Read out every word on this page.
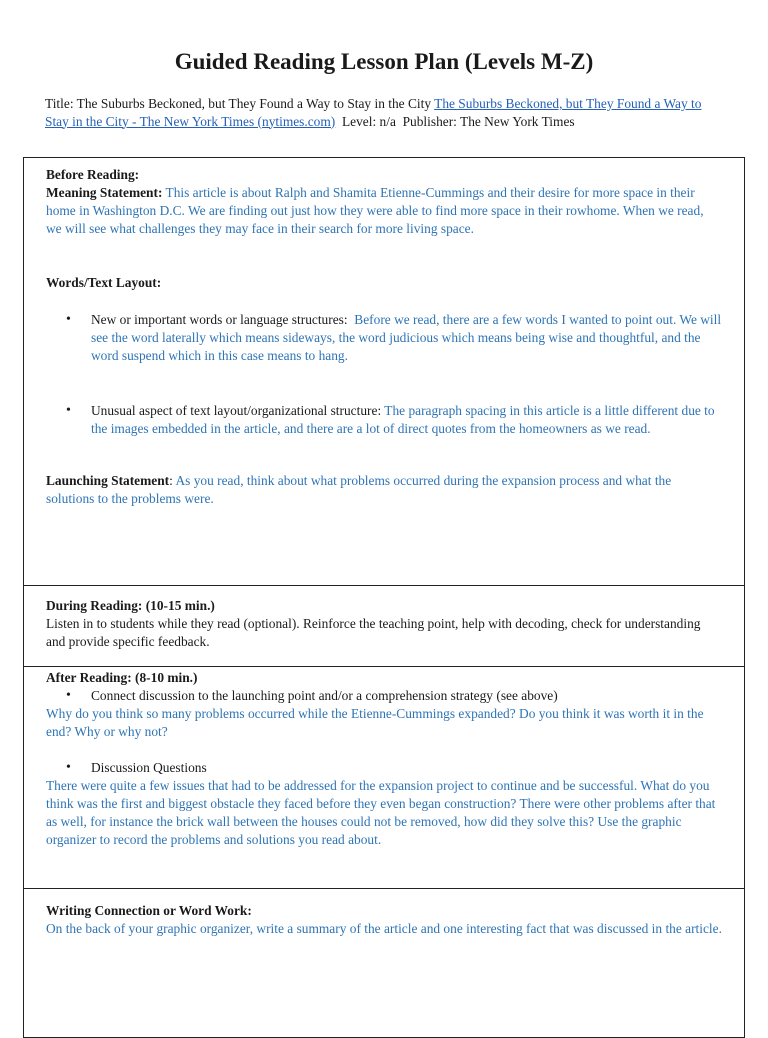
Guided Reading Lesson Plan (Levels M-Z)

Title: The Suburbs Beckoned, but They Found a Way to Stay in the City The Suburbs Beckoned, but They Found a Way to Stay in the City - The New York Times (nytimes.com) Level: n/a Publisher: The New York Times

Before Reading:

Meaning Statement: This article is about Ralph and Shamita Etienne-Cummings and their desire for more space in their home in Washington D.C. We are finding out just how they were able to find more space in their rowhome. When we read, we will see what challenges they may face in their search for more living space.

Words/Text Layout:

• New or important words or language structures: Before we read, there are a few words I wanted to point out. We will see the word laterally which means sideways, the word judicious which means being wise and thoughtful, and the word suspend which in this case means to hang.

• Unusual aspect of text layout/organizational structure: The paragraph spacing in this article is a little different due to the images embedded in the article, and there are a lot of direct quotes from the homeowners as we read.

Launching Statement: As you read, think about what problems occurred during the expansion process and what the solutions to the problems were.

During Reading: (10-15 min.)

Listen in to students while they read (optional). Reinforce the teaching point, help with decoding, check for understanding and provide specific feedback.

After Reading: (8-10 min.)

• Connect discussion to the launching point and/or a comprehension strategy (see above)

Why do you think so many problems occurred while the Etienne-Cummings expanded? Do you think it was worth it in the end? Why or why not?

• Discussion Questions

There were quite a few issues that had to be addressed for the expansion project to continue and be successful. What do you think was the first and biggest obstacle they faced before they even began construction? There were other problems after that as well, for instance the brick wall between the houses could not be removed, how did they solve this? Use the graphic organizer to record the problems and solutions you read about.

Writing Connection or Word Work:

On the back of your graphic organizer, write a summary of the article and one interesting fact that was discussed in the article.
